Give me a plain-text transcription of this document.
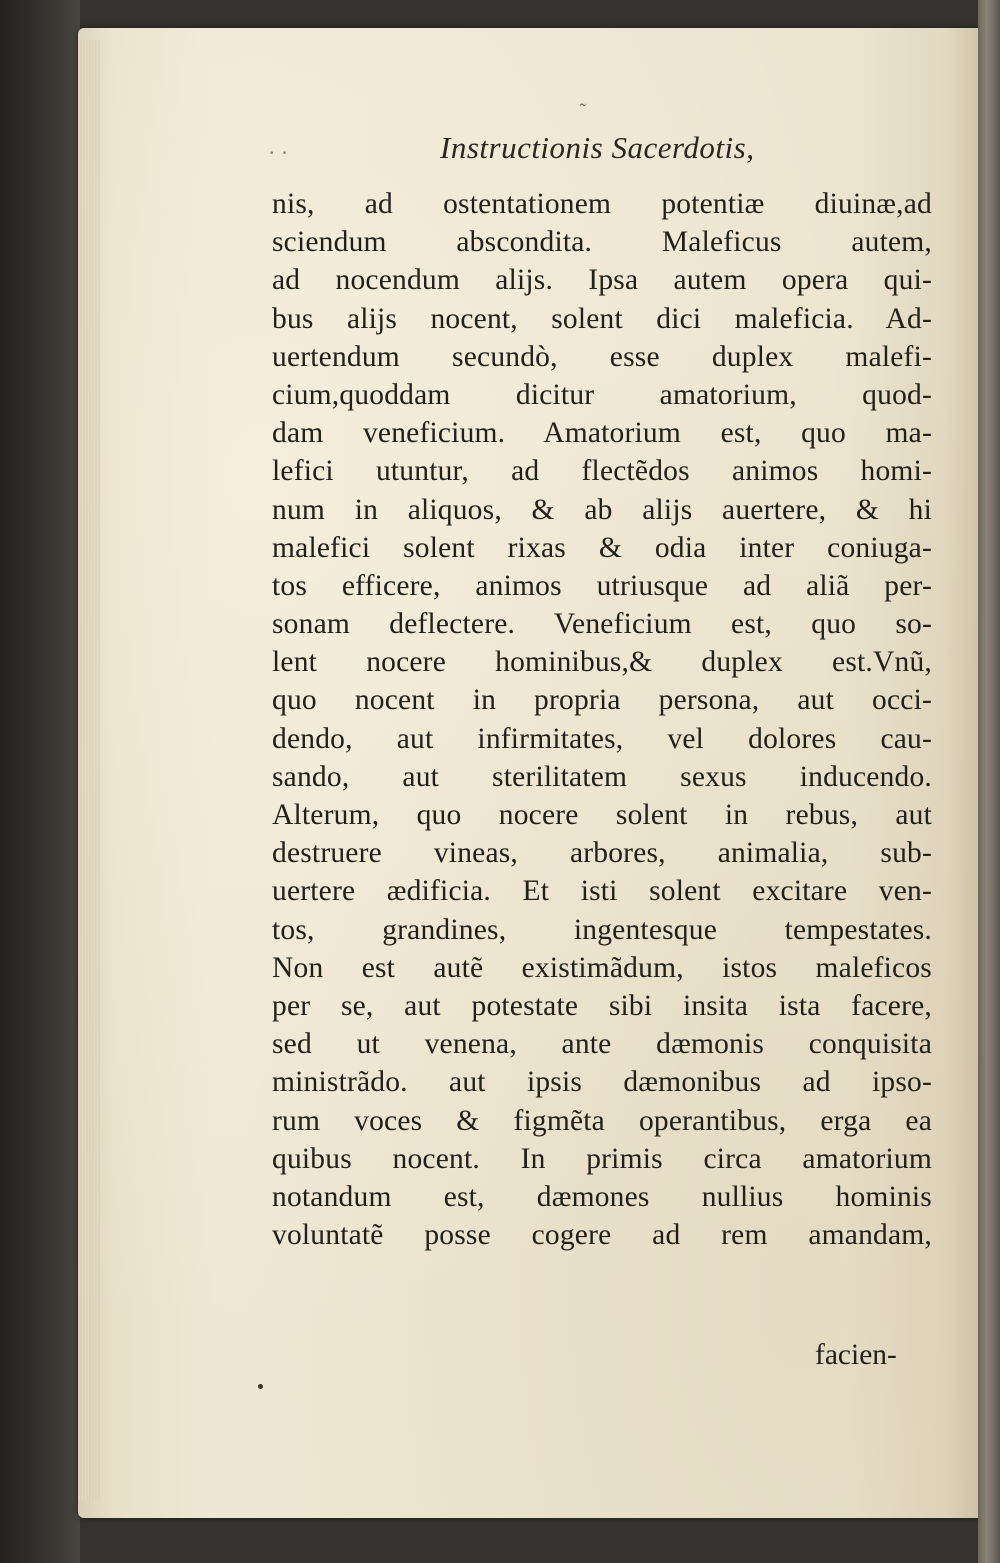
˜
· ·	Instructionis Sacerdotis,
nis, ad ostentationem potentiæ diuinæ,ad
sciendum abscondita. Maleficus autem,
ad nocendum alijs. Ipsa autem opera qui-
bus alijs nocent, solent dici maleficia. Ad-
uertendum secundò, esse duplex malefi-
cium,quoddam dicitur amatorium, quod-
dam veneficium. Amatorium est, quo ma-
lefici utuntur, ad flectẽdos animos homi-
num in aliquos, & ab alijs auertere, & hi
malefici solent rixas & odia inter coniuga-
tos efficere, animos utriusque ad aliã per-
sonam deflectere. Veneficium est, quo so-
lent nocere hominibus,& duplex est.Vnũ,
quo nocent in propria persona, aut occi-
dendo, aut infirmitates, vel dolores cau-
sando, aut sterilitatem sexus inducendo.
Alterum, quo nocere solent in rebus, aut
destruere vineas, arbores, animalia, sub-
uertere ædificia. Et isti solent excitare ven-
tos, grandines, ingentesque tempestates.
Non est autẽ existimãdum, istos maleficos
per se, aut potestate sibi insita ista facere,
sed ut venena, ante dæmonis conquisita
ministrãdo. aut ipsis dæmonibus ad ipso-
rum voces & figmẽta operantibus, erga ea
quibus nocent. In primis circa amatorium
notandum est, dæmones nullius hominis
voluntatẽ posse cogere ad rem amandam,
facien-
